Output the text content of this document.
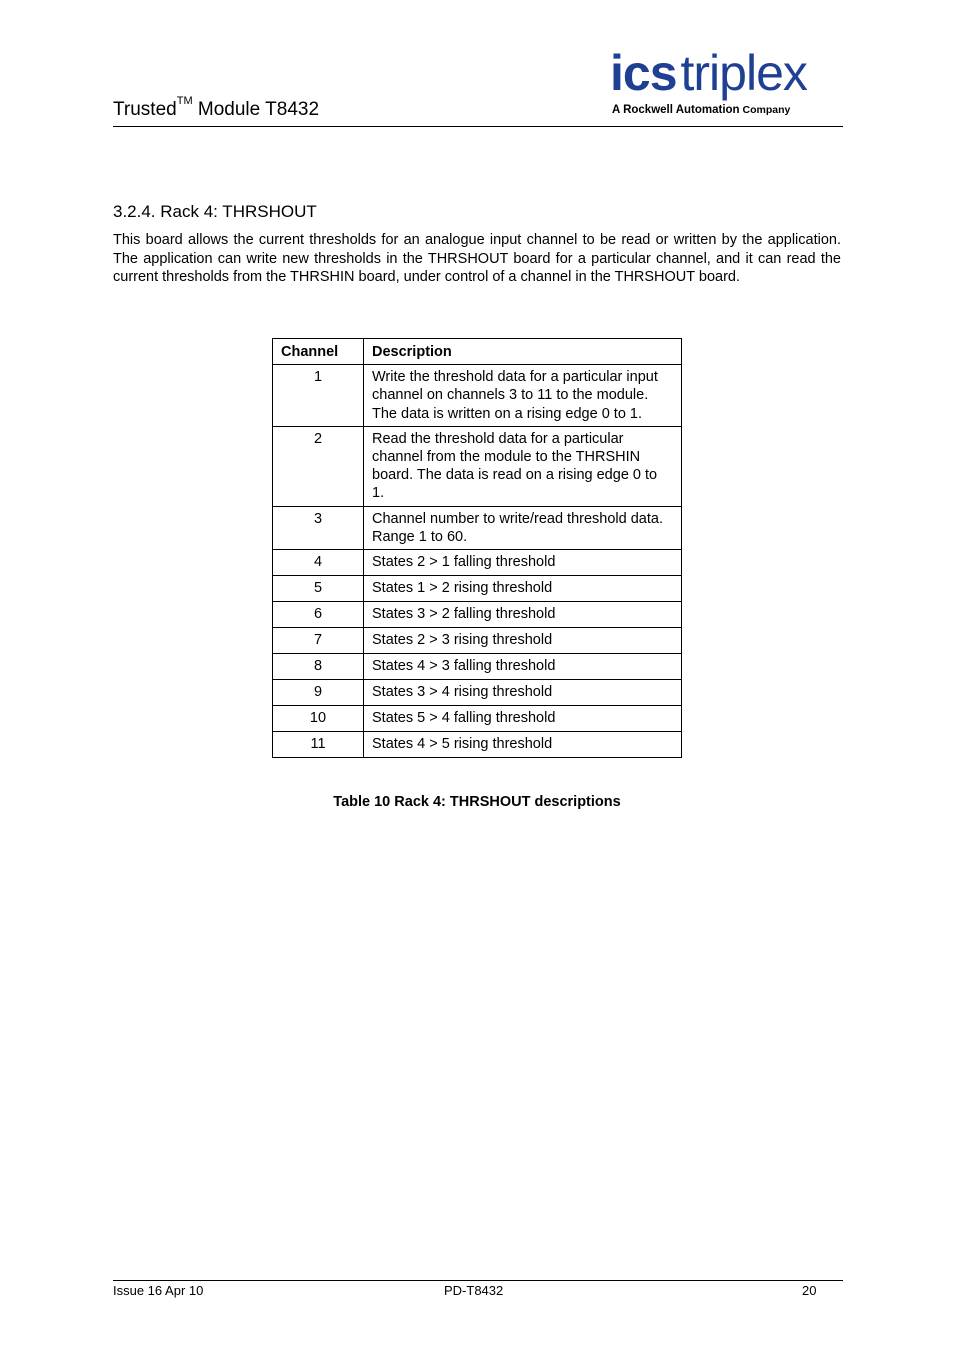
Trusted™ Module T8432
icstriplex
A Rockwell Automation Company
3.2.4. Rack 4: THRSHOUT

This board allows the current thresholds for an analogue input channel to be read or written by the application. The application can write new thresholds in the THRSHOUT board for a particular channel, and it can read the current thresholds from the THRSHIN board, under control of a channel in the THRSHOUT board.

Channel	Description
1	Write the threshold data for a particular input channel on channels 3 to 11 to the module. The data is written on a rising edge 0 to 1.
2	Read the threshold data for a particular channel from the module to the THRSHIN board. The data is read on a rising edge 0 to 1.
3	Channel number to write/read threshold data. Range 1 to 60.
4	States 2 > 1 falling threshold
5	States 1 > 2 rising threshold
6	States 3 > 2 falling threshold
7	States 2 > 3 rising threshold
8	States 4 > 3 falling threshold
9	States 3 > 4 rising threshold
10	States 5 > 4 falling threshold
11	States 4 > 5 rising threshold
Table 10 Rack 4: THRSHOUT descriptions
Issue 16 Apr 10	PD-T8432	20
